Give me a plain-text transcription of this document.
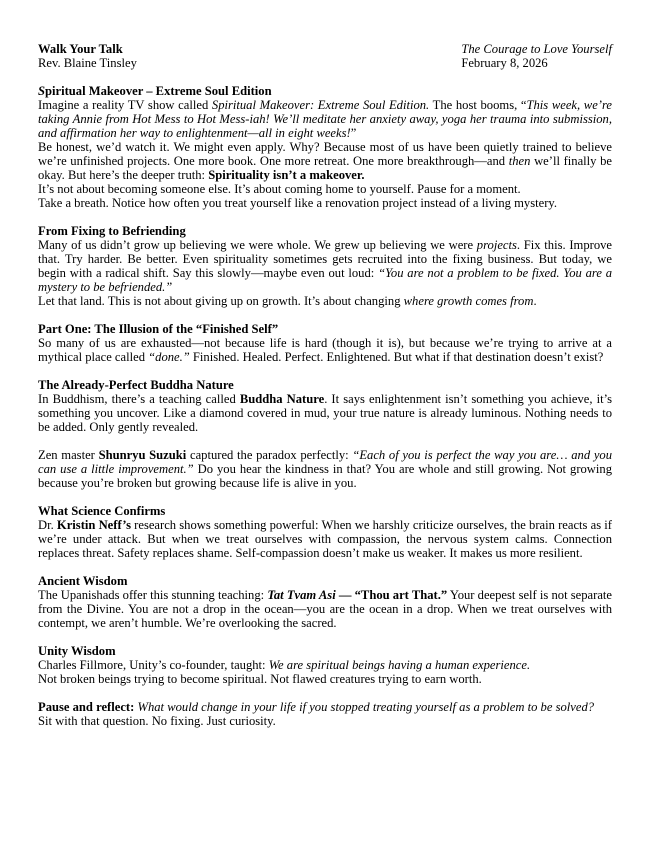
Walk Your Talk
Rev. Blaine Tinsley
The Courage to Love Yourself
February 8, 2026
Spiritual Makeover – Extreme Soul Edition

Imagine a reality TV show called Spiritual Makeover: Extreme Soul Edition. The host booms, “This week, we’re taking Annie from Hot Mess to Hot Mess-iah! We’ll meditate her anxiety away, yoga her trauma into submission, and affirmation her way to enlightenment—all in eight weeks!”

Be honest, we’d watch it. We might even apply. Why? Because most of us have been quietly trained to believe we’re unfinished projects. One more book. One more retreat. One more breakthrough—and then we’ll finally be okay. But here’s the deeper truth: Spirituality isn’t a makeover.

It’s not about becoming someone else. It’s about coming home to yourself. Pause for a moment.

Take a breath. Notice how often you treat yourself like a renovation project instead of a living mystery.

From Fixing to Befriending

Many of us didn’t grow up believing we were whole. We grew up believing we were projects. Fix this. Improve that. Try harder. Be better. Even spirituality sometimes gets recruited into the fixing business. But today, we begin with a radical shift. Say this slowly—maybe even out loud: “You are not a problem to be fixed. You are a mystery to be befriended.”

Let that land. This is not about giving up on growth. It’s about changing where growth comes from.

Part One: The Illusion of the “Finished Self”

So many of us are exhausted—not because life is hard (though it is), but because we’re trying to arrive at a mythical place called “done.” Finished. Healed. Perfect. Enlightened. But what if that destination doesn’t exist?

The Already-Perfect Buddha Nature

In Buddhism, there’s a teaching called Buddha Nature. It says enlightenment isn’t something you achieve, it’s something you uncover. Like a diamond covered in mud, your true nature is already luminous. Nothing needs to be added. Only gently revealed.

Zen master Shunryu Suzuki captured the paradox perfectly: “Each of you is perfect the way you are… and you can use a little improvement.” Do you hear the kindness in that? You are whole and still growing. Not growing because you’re broken but growing because life is alive in you.

What Science Confirms

Dr. Kristin Neff’s research shows something powerful: When we harshly criticize ourselves, the brain reacts as if we’re under attack. But when we treat ourselves with compassion, the nervous system calms. Connection replaces threat. Safety replaces shame. Self-compassion doesn’t make us weaker. It makes us more resilient.

Ancient Wisdom

The Upanishads offer this stunning teaching: Tat Tvam Asi — “Thou art That.” Your deepest self is not separate from the Divine. You are not a drop in the ocean—you are the ocean in a drop. When we treat ourselves with contempt, we aren’t humble. We’re overlooking the sacred.

Unity Wisdom

Charles Fillmore, Unity’s co-founder, taught: We are spiritual beings having a human experience.

Not broken beings trying to become spiritual. Not flawed creatures trying to earn worth.

Pause and reflect: What would change in your life if you stopped treating yourself as a problem to be solved?

Sit with that question. No fixing. Just curiosity.
